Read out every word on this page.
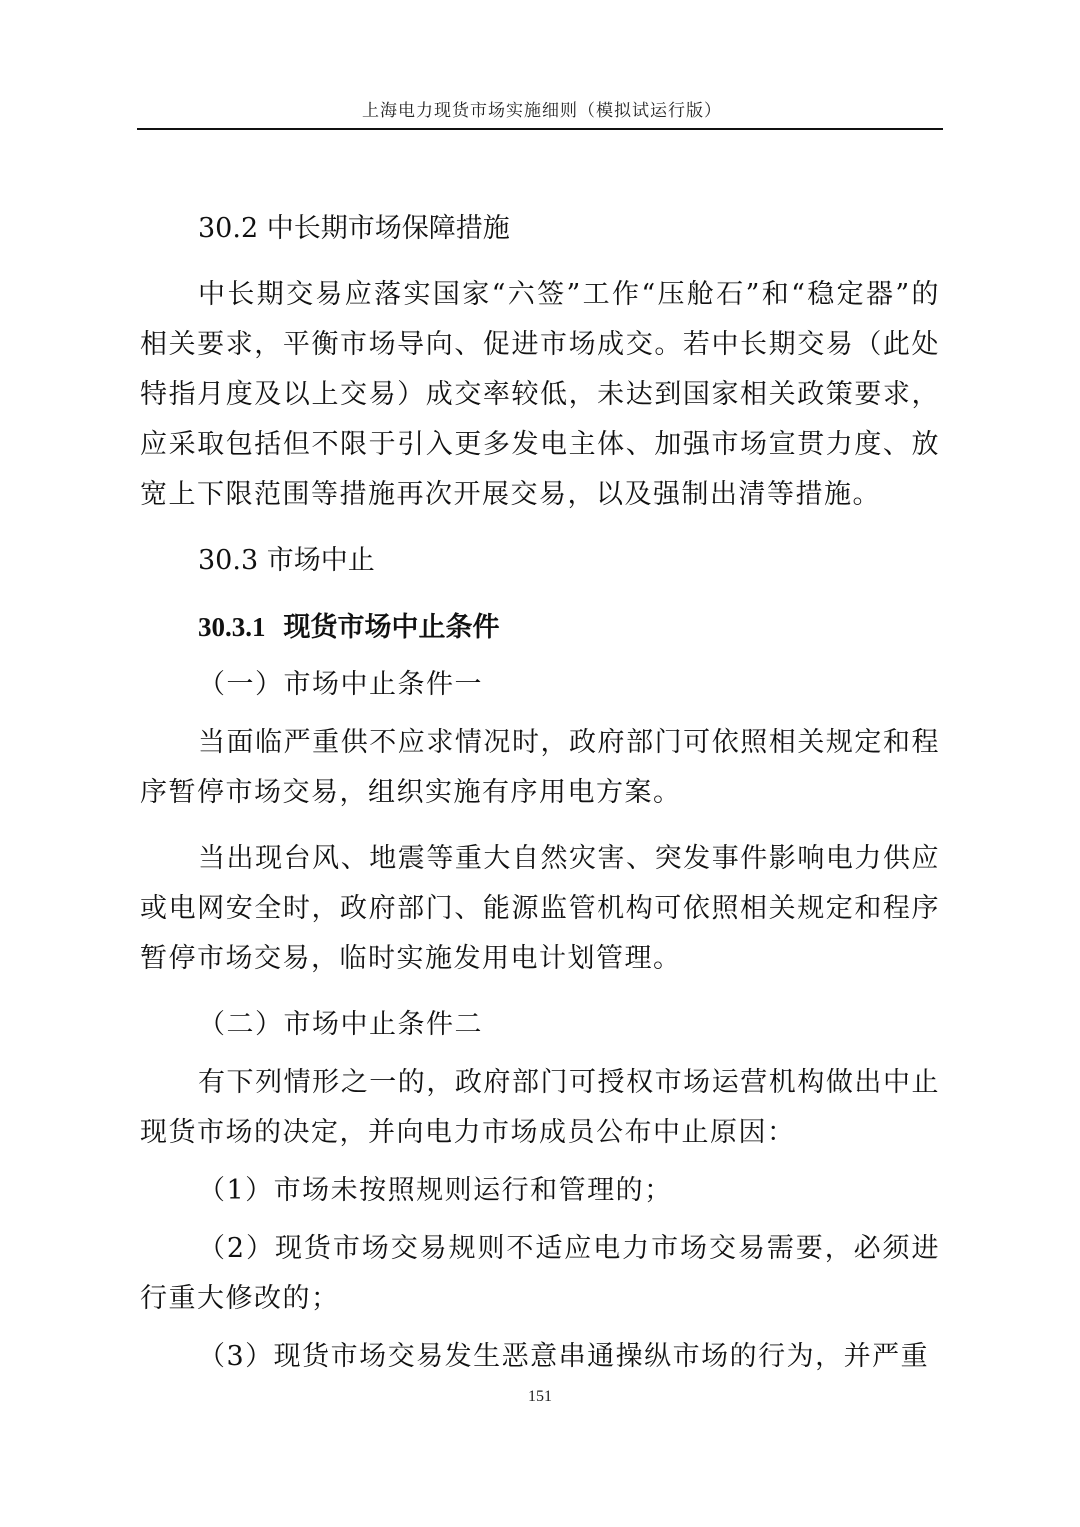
上海电力现货市场实施细则（模拟试运行版）
30.2 中长期市场保障措施

中长期交易应落实国家“六签”工作“压舱石”和“稳定器”的相关要求，平衡市场导向、促进市场成交。若中长期交易（此处特指月度及以上交易）成交率较低，未达到国家相关政策要求，应采取包括但不限于引入更多发电主体、加强市场宣贯力度、放宽上下限范围等措施再次开展交易，以及强制出清等措施。

30.3 市场中止
30.3.1 现货市场中止条件

（一）市场中止条件一

当面临严重供不应求情况时，政府部门可依照相关规定和程序暂停市场交易，组织实施有序用电方案。

当出现台风、地震等重大自然灾害、突发事件影响电力供应或电网安全时，政府部门、能源监管机构可依照相关规定和程序暂停市场交易，临时实施发用电计划管理。

（二）市场中止条件二

有下列情形之一的，政府部门可授权市场运营机构做出中止现货市场的决定，并向电力市场成员公布中止原因：

（1）市场未按照规则运行和管理的；

（2）现货市场交易规则不适应电力市场交易需要，必须进行重大修改的；

（3）现货市场交易发生恶意串通操纵市场的行为，并严重

151
